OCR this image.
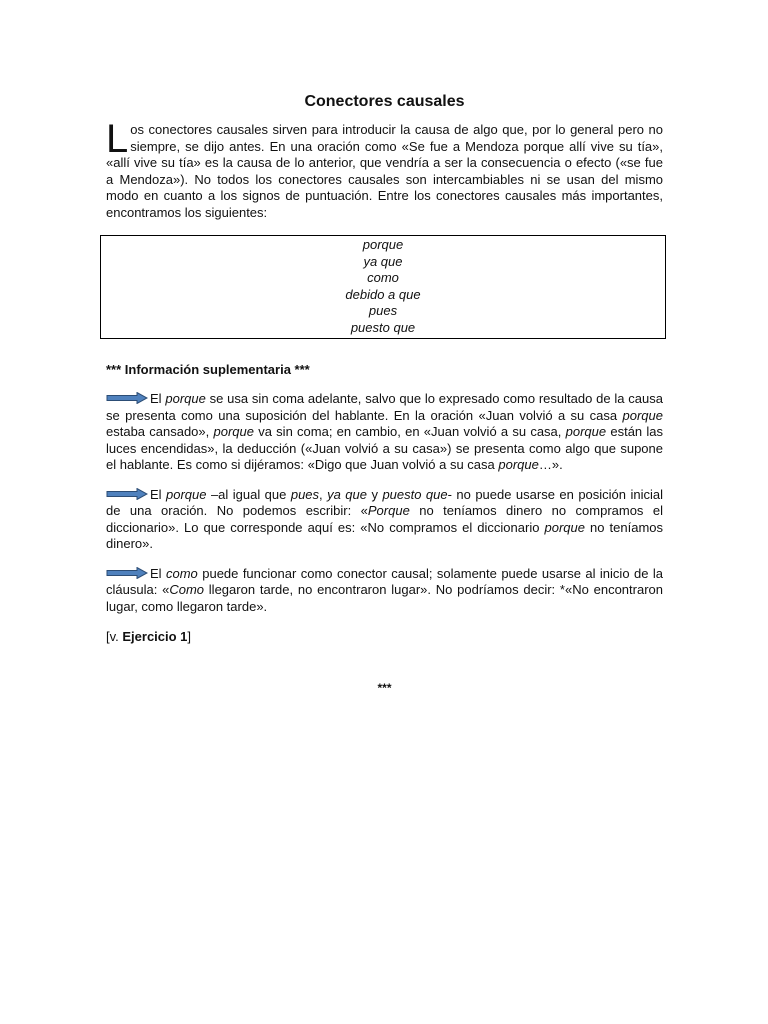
Conectores causales

Los conectores causales sirven para introducir la causa de algo que, por lo general pero no siempre, se dijo antes. En una oración como «Se fue a Mendoza porque allí vive su tía», «allí vive su tía» es la causa de lo anterior, que vendría a ser la consecuencia o efecto («se fue a Mendoza»). No todos los conectores causales son intercambiables ni se usan del mismo modo en cuanto a los signos de puntuación. Entre los conectores causales más importantes, encontramos los siguientes:

porque
ya que
como
debido a que
pues
puesto que
*** Información suplementaria ***

El porque se usa sin coma adelante, salvo que lo expresado como resultado de la causa se presenta como una suposición del hablante. En la oración «Juan volvió a su casa porque estaba cansado», porque va sin coma; en cambio, en «Juan volvió a su casa, porque están las luces encendidas», la deducción («Juan volvió a su casa») se presenta como algo que supone el hablante. Es como si dijéramos: «Digo que Juan volvió a su casa porque…».

El porque –al igual que pues, ya que y puesto que- no puede usarse en posición inicial de una oración. No podemos escribir: «Porque no teníamos dinero no compramos el diccionario». Lo que corresponde aquí es: «No compramos el diccionario porque no teníamos dinero».

El como puede funcionar como conector causal; solamente puede usarse al inicio de la cláusula: «Como llegaron tarde, no encontraron lugar». No podríamos decir: *«No encontraron lugar, como llegaron tarde».

[v. Ejercicio 1]
***
